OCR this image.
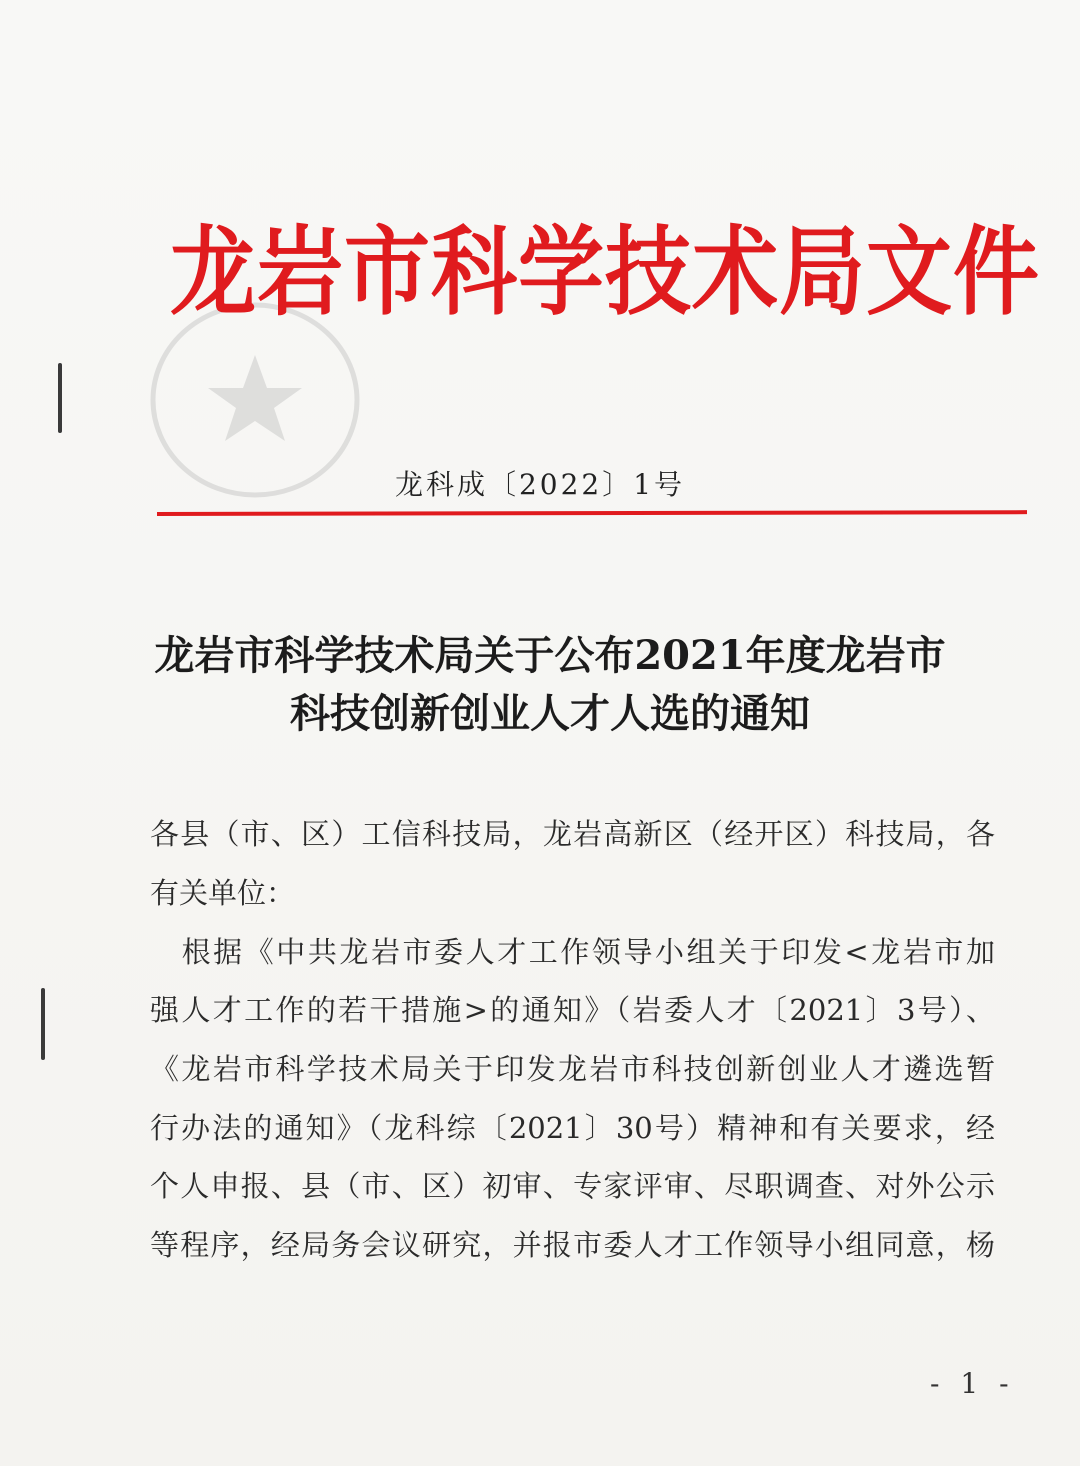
龙岩市科学技术局文件
龙科成〔2022〕1号
龙岩市科学技术局关于公布2021年度龙岩市
科技创新创业人才人选的通知
各县（市、区）工信科技局，龙岩高新区（经开区）科技局，各
有关单位：
　根据《中共龙岩市委人才工作领导小组关于印发<龙岩市加
强人才工作的若干措施>的通知》（岩委人才〔2021〕3号）、
《龙岩市科学技术局关于印发龙岩市科技创新创业人才遴选暂
行办法的通知》（龙科综〔2021〕30号）精神和有关要求，经
个人申报、县（市、区）初审、专家评审、尽职调查、对外公示
等程序，经局务会议研究，并报市委人才工作领导小组同意，杨
- 1 -
